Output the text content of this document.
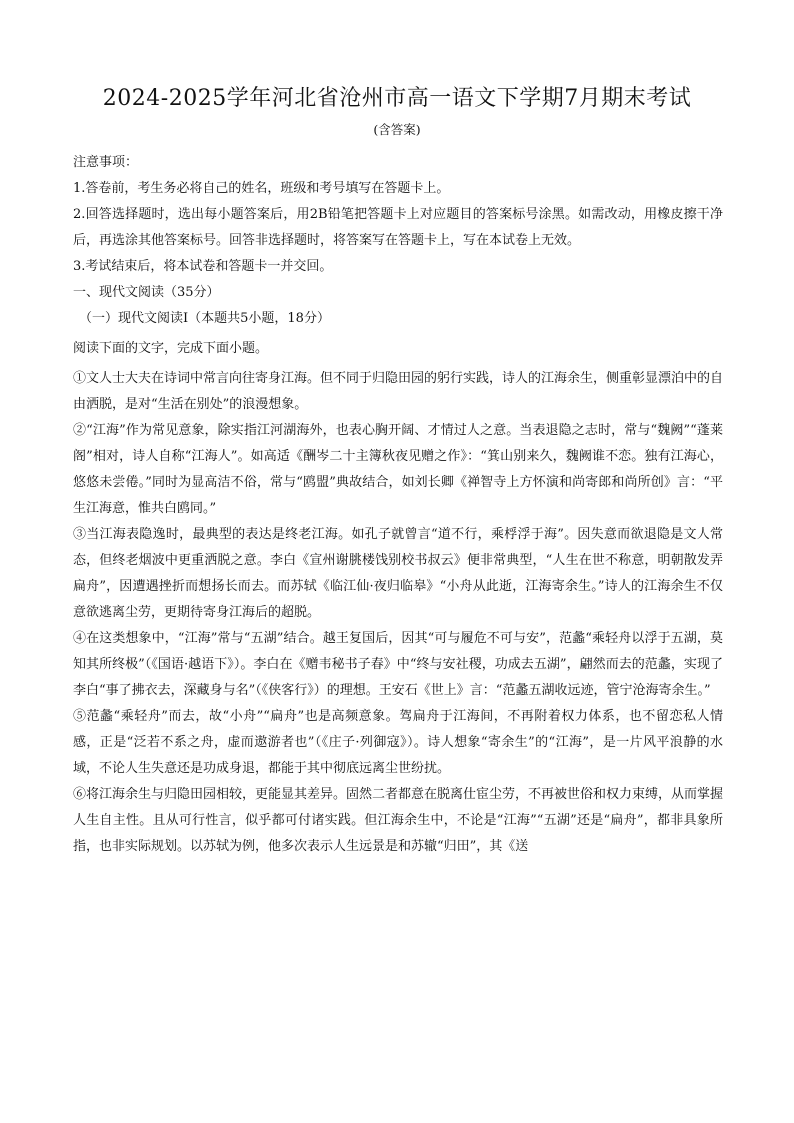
2024-2025学年河北省沧州市高一语文下学期7月期末考试
(含答案)
注意事项：
1.答卷前，考生务必将自己的姓名，班级和考号填写在答题卡上。
2.回答选择题时，选出每小题答案后，用2B铅笔把答题卡上对应题目的答案标号涂黑。如需改动，用橡皮擦干净后，再选涂其他答案标号。回答非选择题时，将答案写在答题卡上，写在本试卷上无效。
3.考试结束后，将本试卷和答题卡一并交回。
一、现代文阅读（35分）
（一）现代文阅读Ⅰ（本题共5小题，18分）
阅读下面的文字，完成下面小题。
①文人士大夫在诗词中常言向往寄身江海。但不同于归隐田园的躬行实践，诗人的江海余生，侧重彰显漂泊中的自由洒脱，是对“生活在别处”的浪漫想象。
②“江海”作为常见意象，除实指江河湖海外，也表心胸开阔、才情过人之意。当表退隐之志时，常与“魏阙”“蓬莱阁”相对，诗人自称“江海人”。如高适《酬岑二十主簿秋夜见赠之作》：“箕山别来久，魏阙谁不恋。独有江海心，悠悠未尝倦。”同时为显高洁不俗，常与“鸥盟”典故结合，如刘长卿《禅智寺上方怀演和尚寄郎和尚所创》言：“平生江海意，惟共白鸥同。”
③当江海表隐逸时，最典型的表达是终老江海。如孔子就曾言“道不行，乘桴浮于海”。因失意而欲退隐是文人常态，但终老烟波中更重洒脱之意。李白《宣州谢朓楼饯别校书叔云》便非常典型，“人生在世不称意，明朝散发弄扁舟”，因遭遇挫折而想扬长而去。而苏轼《临江仙·夜归临皋》“小舟从此逝，江海寄余生。”诗人的江海余生不仅意欲逃离尘劳，更期待寄身江海后的超脱。
④在这类想象中，“江海”常与“五湖”结合。越王复国后，因其“可与履危不可与安”，范蠡“乘轻舟以浮于五湖，莫知其所终极”（《国语·越语下》）。李白在《赠韦秘书子春》中“终与安社稷，功成去五湖”，翩然而去的范蠡，实现了李白“事了拂衣去，深藏身与名”（《侠客行》）的理想。王安石《世上》言：“范蠡五湖收远迹，管宁沧海寄余生。”
⑤范蠡“乘轻舟”而去，故“小舟”“扁舟”也是高频意象。驾扁舟于江海间，不再附着权力体系，也不留恋私人情感，正是“泛若不系之舟，虚而遨游者也”（《庄子·列御寇》）。诗人想象“寄余生”的“江海”，是一片风平浪静的水域，不论人生失意还是功成身退，都能于其中彻底远离尘世纷扰。
⑥将江海余生与归隐田园相较，更能显其差异。固然二者都意在脱离仕宦尘劳，不再被世俗和权力束缚，从而掌握人生自主性。且从可行性言，似乎都可付诸实践。但江海余生中，不论是“江海”“五湖”还是“扁舟”，都非具象所指，也非实际规划。以苏轼为例，他多次表示人生远景是和苏辙“归田”，其《送
